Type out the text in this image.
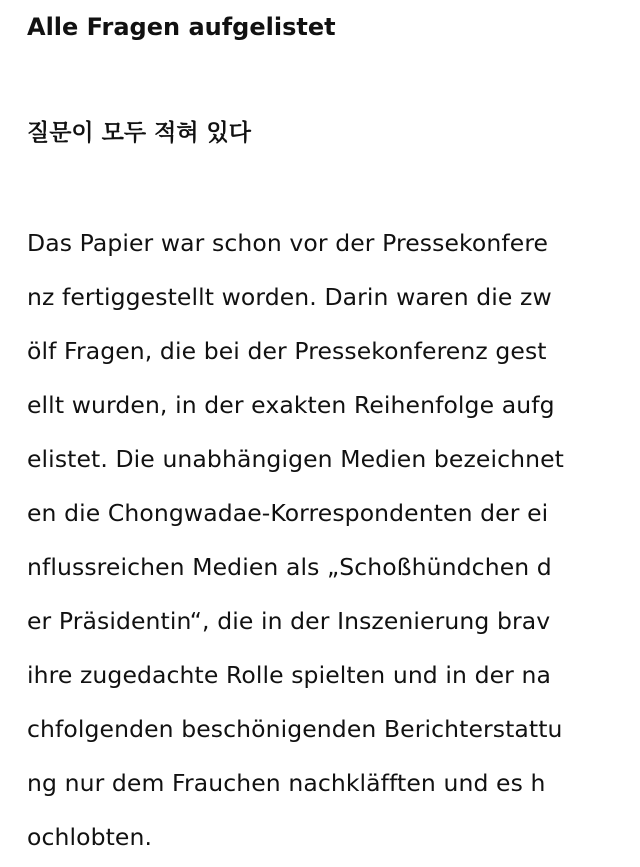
Alle Fragen aufgelistet
질문이 모두 적혀 있다
Das Papier war schon vor der Pressekonfere
nz fertiggestellt worden. Darin waren die zw
ölf Fragen, die bei der Pressekonferenz gest
ellt wurden, in der exakten Reihenfolge aufg
elistet. Die unabhängigen Medien bezeichnet
en die Chongwadae-Korrespondenten der ei
nflussreichen Medien als „Schoßhündchen d
er Präsidentin“, die in der Inszenierung brav
ihre zugedachte Rolle spielten und in der na
chfolgenden beschönigenden Berichterstattu
ng nur dem Frauchen nachkläfften und es h
ochlobten.
